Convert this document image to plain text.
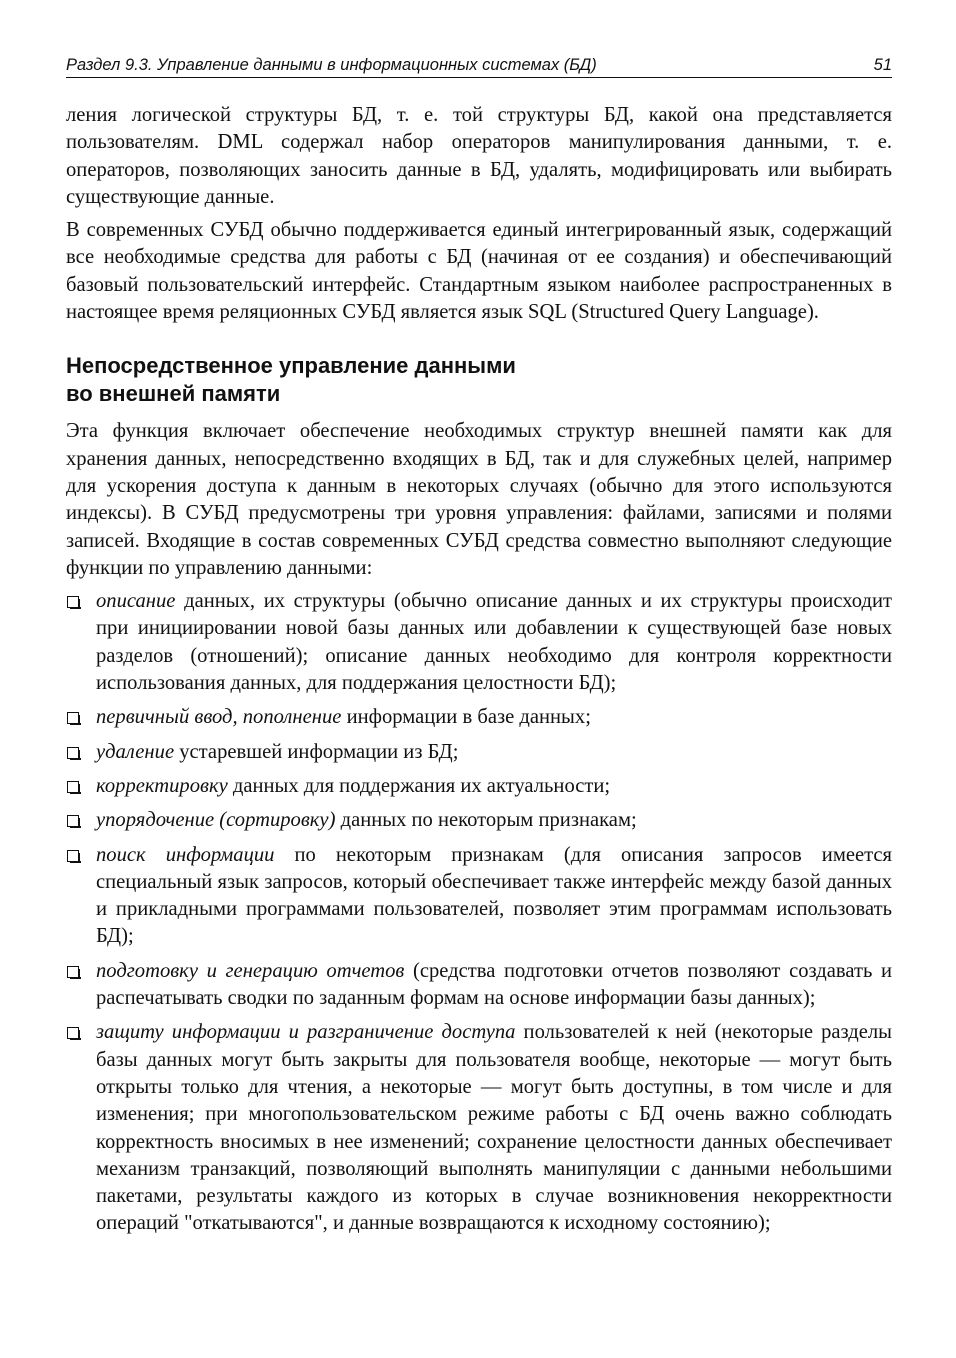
Раздел 9.3. Управление данными в информационных системах (БД)	51

ления логической структуры БД, т. е. той структуры БД, какой она представляется пользователям. DML содержал набор операторов манипулирования данными, т. е. операторов, позволяющих заносить данные в БД, удалять, модифицировать или выбирать существующие данные.

В современных СУБД обычно поддерживается единый интегрированный язык, содержащий все необходимые средства для работы с БД (начиная от ее создания) и обеспечивающий базовый пользовательский интерфейс. Стандартным языком наиболее распространенных в настоящее время реляционных СУБД является язык SQL (Structured Query Language).

Непосредственное управление данными
во внешней памяти

Эта функция включает обеспечение необходимых структур внешней памяти как для хранения данных, непосредственно входящих в БД, так и для служебных целей, например для ускорения доступа к данным в некоторых случаях (обычно для этого используются индексы). В СУБД предусмотрены три уровня управления: файлами, записями и полями записей. Входящие в состав современных СУБД средства совместно выполняют следующие функции по управлению данными:

описание данных, их структуры (обычно описание данных и их структуры происходит при инициировании новой базы данных или добавлении к существующей базе новых разделов (отношений); описание данных необходимо для контроля корректности использования данных, для поддержания целостности БД);
первичный ввод, пополнение информации в базе данных;
удаление устаревшей информации из БД;
корректировку данных для поддержания их актуальности;
упорядочение (сортировку) данных по некоторым признакам;
поиск информации по некоторым признакам (для описания запросов имеется специальный язык запросов, который обеспечивает также интерфейс между базой данных и прикладными программами пользователей, позволяет этим программам использовать БД);
подготовку и генерацию отчетов (средства подготовки отчетов позволяют создавать и распечатывать сводки по заданным формам на основе информации базы данных);
защиту информации и разграничение доступа пользователей к ней (некоторые разделы базы данных могут быть закрыты для пользователя вообще, некоторые — могут быть открыты только для чтения, а некоторые — могут быть доступны, в том числе и для изменения; при многопользовательском режиме работы с БД очень важно соблюдать корректность вносимых в нее изменений; сохранение целостности данных обеспечивает механизм транзакций, позволяющий выполнять манипуляции с данными небольшими пакетами, результаты каждого из которых в случае возникновения некорректности операций "откатываются", и данные возвращаются к исходному состоянию);
